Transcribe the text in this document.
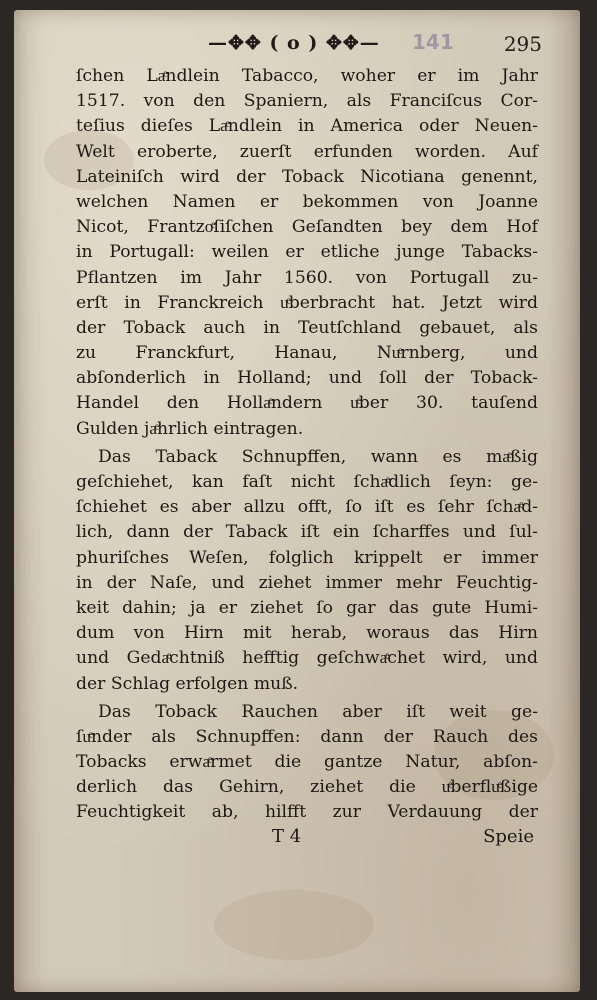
—✥✥ ( o ) ✥✥— 141	295
ſchen Laͤndlein Tabacco, woher er im Jahr
1517. von den Spaniern, als Franciſcus Cor-
teſius dieſes Laͤndlein in America oder Neuen-
Welt eroberte, zuerſt erfunden worden. Auf
Lateiniſch wird der Toback Nicotiana genennt,
welchen Namen er bekommen von Joanne
Nicot, Frantzoͤſiſchen Geſandten bey dem Hof
in Portugall: weilen er etliche junge Tabacks-
Pflantzen im Jahr 1560. von Portugall zu-
erſt in Franckreich uͤberbracht hat. Jetzt wird
der Toback auch in Teutſchland gebauet, als
zu Franckfurt, Hanau, Nuͤrnberg, und
abſonderlich in Holland; und ſoll der Toback-
Handel den Hollaͤndern uͤber 30. tauſend
Gulden jaͤhrlich eintragen.
Das Taback Schnupffen, wann es maͤßig
geſchiehet, kan faſt nicht ſchaͤdlich ſeyn: ge-
ſchiehet es aber allzu offt, ſo iſt es ſehr ſchaͤd-
lich, dann der Taback iſt ein ſcharffes und ſul-
phuriſches Weſen, folglich krippelt er immer
in der Naſe, und ziehet immer mehr Feuchtig-
keit dahin; ja er ziehet ſo gar das gute Humi-
dum von Hirn mit herab, woraus das Hirn
und Gedaͤchtniß hefftig geſchwaͤchet wird, und
der Schlag erfolgen muß.
Das Toback Rauchen aber iſt weit ge-
ſuͤnder als Schnupffen: dann der Rauch des
Tobacks erwaͤrmet die gantze Natur, abſon-
derlich das Gehirn, ziehet die uͤberfluͤßige
Feuchtigkeit ab, hilfft zur Verdauung der
T 4	Speie
